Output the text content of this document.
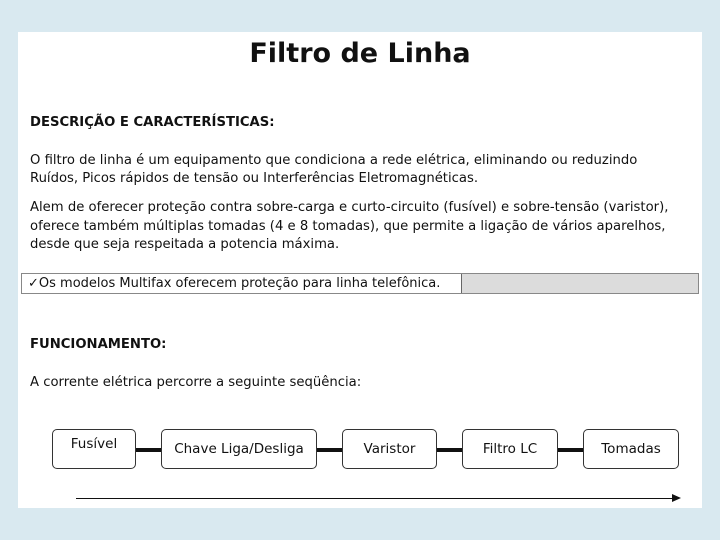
Filtro de Linha
DESCRIÇÃO E CARACTERÍSTICAS:
O filtro de linha é um equipamento que condiciona a rede elétrica, eliminando ou reduzindo
Ruídos, Picos rápidos de tensão ou Interferências Eletromagnéticas.
Alem de oferecer proteção contra sobre-carga e curto-circuito (fusível) e sobre-tensão (varistor),
oferece também múltiplas tomadas (4 e 8 tomadas), que permite a ligação de vários aparelhos,
desde que seja respeitada a potencia máxima.
✓Os modelos Multifax oferecem proteção para linha telefônica.
FUNCIONAMENTO:
A corrente elétrica percorre a seguinte seqüência:
Fusível	Chave Liga/Desliga	Varistor	Filtro LC	Tomadas
